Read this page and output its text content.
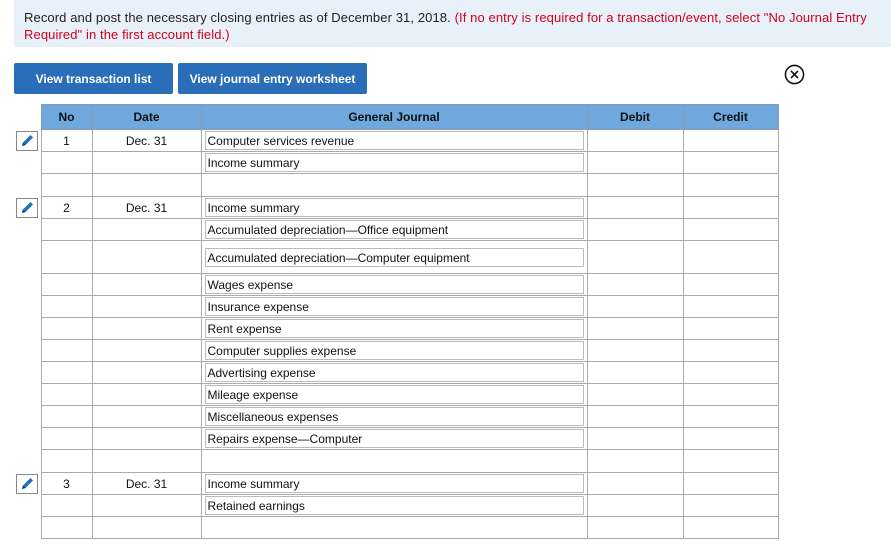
Record and post the necessary closing entries as of December 31, 2018. (If no entry is required for a transaction/event, select "No Journal Entry Required" in the first account field.)
View transaction list	View journal entry worksheet
	No	Date	General Journal	Debit	Credit

	1	Dec. 31	Computer services revenue		

			Income summary		

	2	Dec. 31	Income summary		

			Accumulated depreciation—Office equipment		

			Accumulated depreciation—Computer equipment		

			Wages expense		

			Insurance expense		

			Rent expense		

			Computer supplies expense		

			Advertising expense		

			Mileage expense		

			Miscellaneous expenses		

			Repairs expense—Computer		

	3	Dec. 31	Income summary		

			Retained earnings		
